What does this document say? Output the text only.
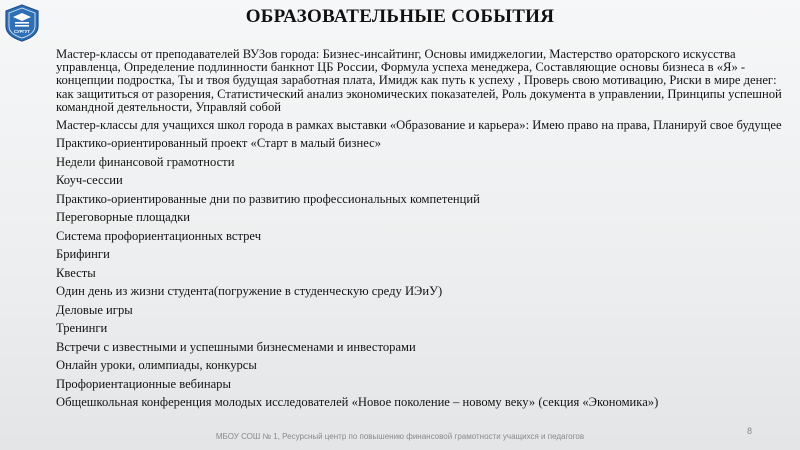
СУРГУТ
ОБРАЗОВАТЕЛЬНЫЕ СОБЫТИЯ

Мастер-классы от преподавателей ВУЗов города: Бизнес-инсайтинг, Основы имиджелогии, Мастерство ораторского искусства управленца, Определение подлинности банкнот ЦБ России, Формула успеха менеджера, Составляющие основы бизнеса в «Я» - концепции подростка, Ты и твоя будущая заработная плата, Имидж как путь к успеху , Проверь свою мотивацию, Риски в мире денег: как защититься от разорения, Статистический анализ экономических показателей, Роль документа в управлении, Принципы успешной командной деятельности, Управляй собой

Мастер-классы для учащихся школ города в рамках выставки «Образование и карьера»: Имею право на права, Планируй свое будущее

Практико-ориентированный проект «Старт в малый бизнес»

Недели финансовой грамотности

Коуч-сессии

Практико-ориентированные дни по развитию профессиональных компетенций

Переговорные площадки

Система профориентационных встреч

Брифинги

Квесты

Один день из жизни студента(погружение в студенческую среду ИЭиУ)

Деловые игры

Тренинги

Встречи с известными и успешными бизнесменами и инвесторами

Онлайн уроки, олимпиады, конкурсы

Профориентационные вебинары

Общешкольная конференция молодых исследователей «Новое поколение – новому веку» (секция «Экономика»)

МБОУ СОШ № 1, Ресурсный центр по повышению финансовой грамотности учащихся и педагогов
8
